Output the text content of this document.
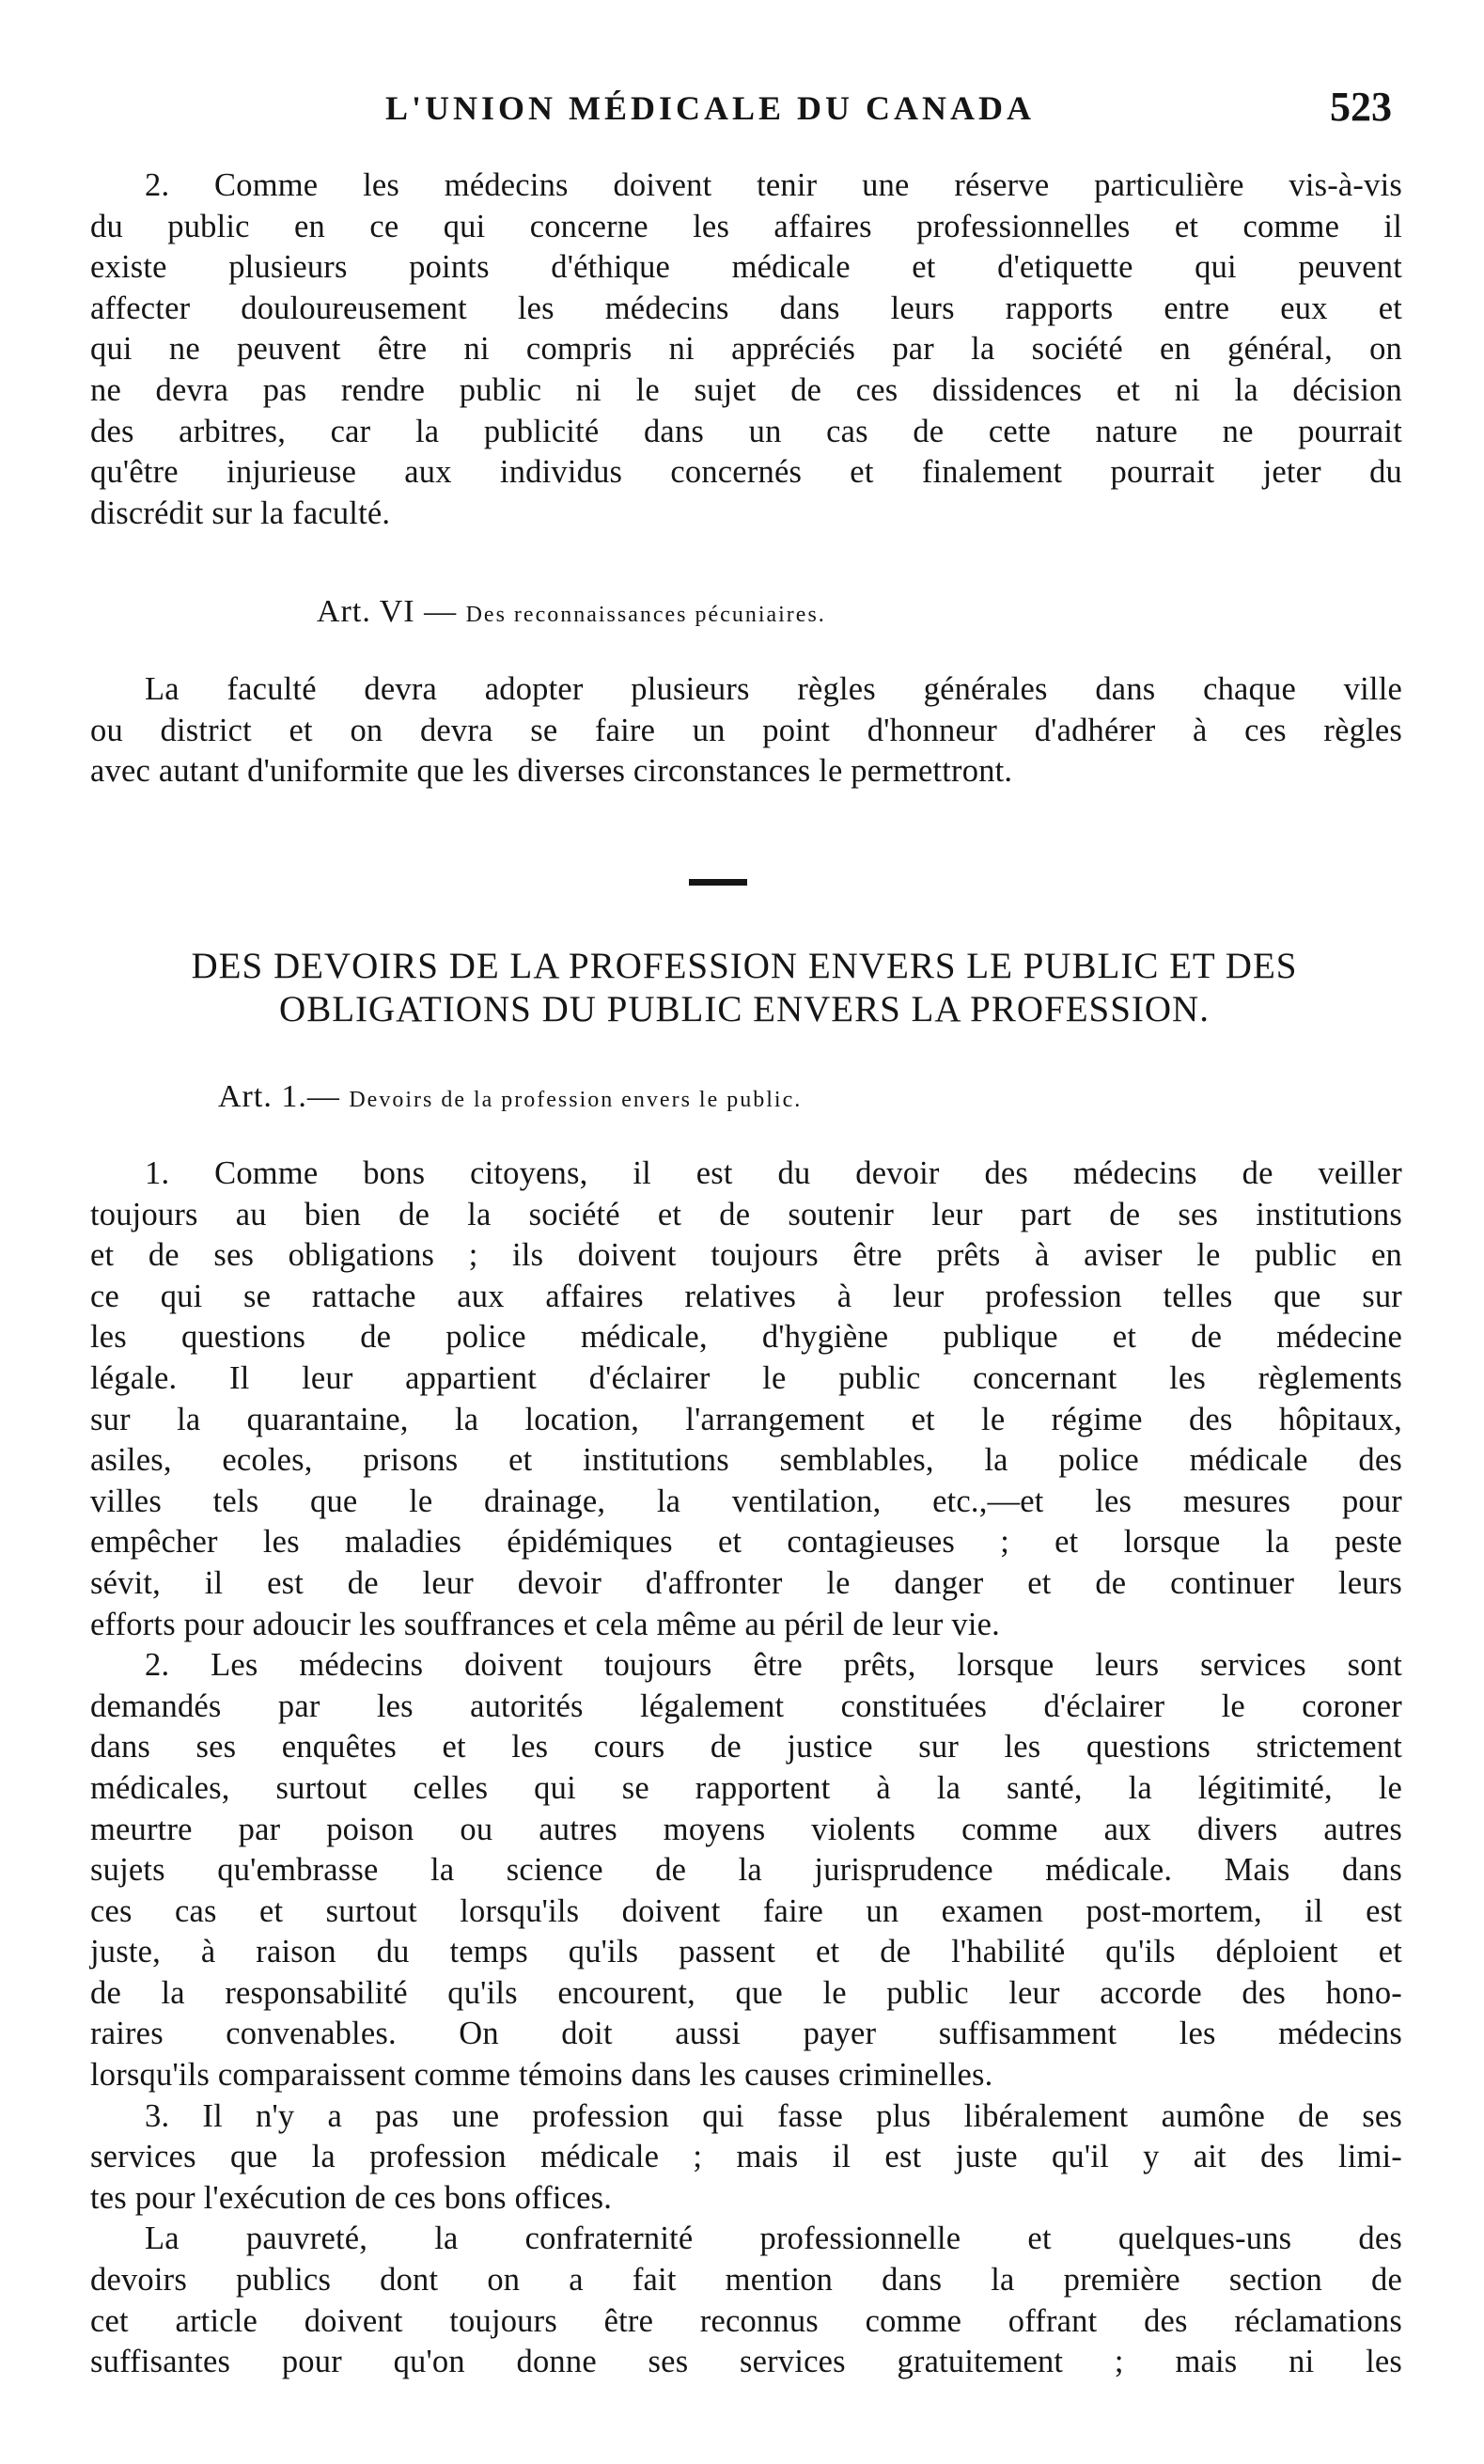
L'UNION MÉDICALE DU CANADA	523
2. Comme les médecins doivent tenir une réserve particulière vis-à-vis
du public en ce qui concerne les affaires professionnelles et comme il
existe plusieurs points d'éthique médicale et d'etiquette qui peuvent
affecter douloureusement les médecins dans leurs rapports entre eux et
qui ne peuvent être ni compris ni appréciés par la société en général, on
ne devra pas rendre public ni le sujet de ces dissidences et ni la décision
des arbitres, car la publicité dans un cas de cette nature ne pourrait
qu'être injurieuse aux individus concernés et finalement pourrait jeter du
discrédit sur la faculté.
Art. VI — Des reconnaissances pécuniaires.
La faculté devra adopter plusieurs règles générales dans chaque ville
ou district et on devra se faire un point d'honneur d'adhérer à ces règles
avec autant d'uniformite que les diverses circonstances le permettront.
DES DEVOIRS DE LA PROFESSION ENVERS LE PUBLIC ET DES
OBLIGATIONS DU PUBLIC ENVERS LA PROFESSION.
Art. 1.— Devoirs de la profession envers le public.
1. Comme bons citoyens, il est du devoir des médecins de veiller
toujours au bien de la société et de soutenir leur part de ses institutions
et de ses obligations ; ils doivent toujours être prêts à aviser le public en
ce qui se rattache aux affaires relatives à leur profession telles que sur
les questions de police médicale, d'hygiène publique et de médecine
légale. Il leur appartient d'éclairer le public concernant les règlements
sur la quarantaine, la location, l'arrangement et le régime des hôpitaux,
asiles, ecoles, prisons et institutions semblables, la police médicale des
villes tels que le drainage, la ventilation, etc.,—et les mesures pour
empêcher les maladies épidémiques et contagieuses ; et lorsque la peste
sévit, il est de leur devoir d'affronter le danger et de continuer leurs
efforts pour adoucir les souffrances et cela même au péril de leur vie.
2. Les médecins doivent toujours être prêts, lorsque leurs services sont
demandés par les autorités légalement constituées d'éclairer le coroner
dans ses enquêtes et les cours de justice sur les questions strictement
médicales, surtout celles qui se rapportent à la santé, la légitimité, le
meurtre par poison ou autres moyens violents comme aux divers autres
sujets qu'embrasse la science de la jurisprudence médicale. Mais dans
ces cas et surtout lorsqu'ils doivent faire un examen post-mortem, il est
juste, à raison du temps qu'ils passent et de l'habilité qu'ils déploient et
de la responsabilité qu'ils encourent, que le public leur accorde des hono-
raires convenables. On doit aussi payer suffisamment les médecins
lorsqu'ils comparaissent comme témoins dans les causes criminelles.
3. Il n'y a pas une profession qui fasse plus libéralement aumône de ses
services que la profession médicale ; mais il est juste qu'il y ait des limi-
tes pour l'exécution de ces bons offices.
La pauvreté, la confraternité professionnelle et quelques-uns des
devoirs publics dont on a fait mention dans la première section de
cet article doivent toujours être reconnus comme offrant des réclamations
suffisantes pour qu'on donne ses services gratuitement ; mais ni les
